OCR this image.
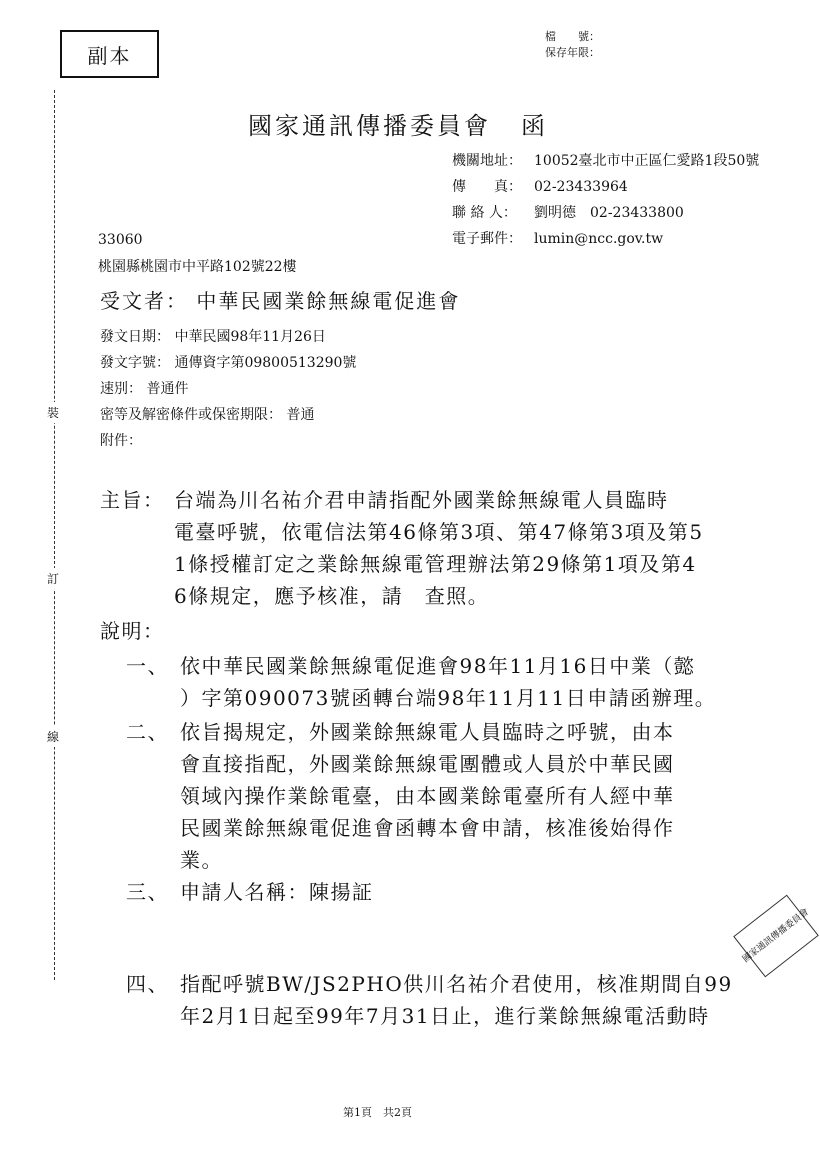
副本
檔　　號：
保存年限：
裝
訂
線
國家通訊傳播委員會 函
機關地址： 10052臺北市中正區仁愛路1段50號
傳　　真： 02-23433964
聯 絡 人： 劉明德　02-23433800
電子郵件： lumin@ncc.gov.tw
33060
桃園縣桃園市中平路102號22樓
受文者： 中華民國業餘無線電促進會
發文日期： 中華民國98年11月26日
發文字號： 通傳資字第09800513290號
速別： 普通件
密等及解密條件或保密期限： 普通
附件：
主旨： 台端為川名祐介君申請指配外國業餘無線電人員臨時
電臺呼號，依電信法第46條第3項、第47條第3項及第5
1條授權訂定之業餘無線電管理辦法第29條第1項及第4
6條規定，應予核准，請　查照。
說明：
一、 依中華民國業餘無線電促進會98年11月16日中業（懿
）字第090073號函轉台端98年11月11日申請函辦理。
二、 依旨揭規定，外國業餘無線電人員臨時之呼號，由本
會直接指配，外國業餘無線電團體或人員於中華民國
領域內操作業餘電臺，由本國業餘電臺所有人經中華
民國業餘無線電促進會函轉本會申請，核准後始得作
業。
三、 申請人名稱：陳揚証
四、 指配呼號BW/JS2PHO供川名祐介君使用，核准期間自99
年2月1日起至99年7月31日止，進行業餘無線電活動時
國家通訊傳播委員會
第1頁　共2頁
